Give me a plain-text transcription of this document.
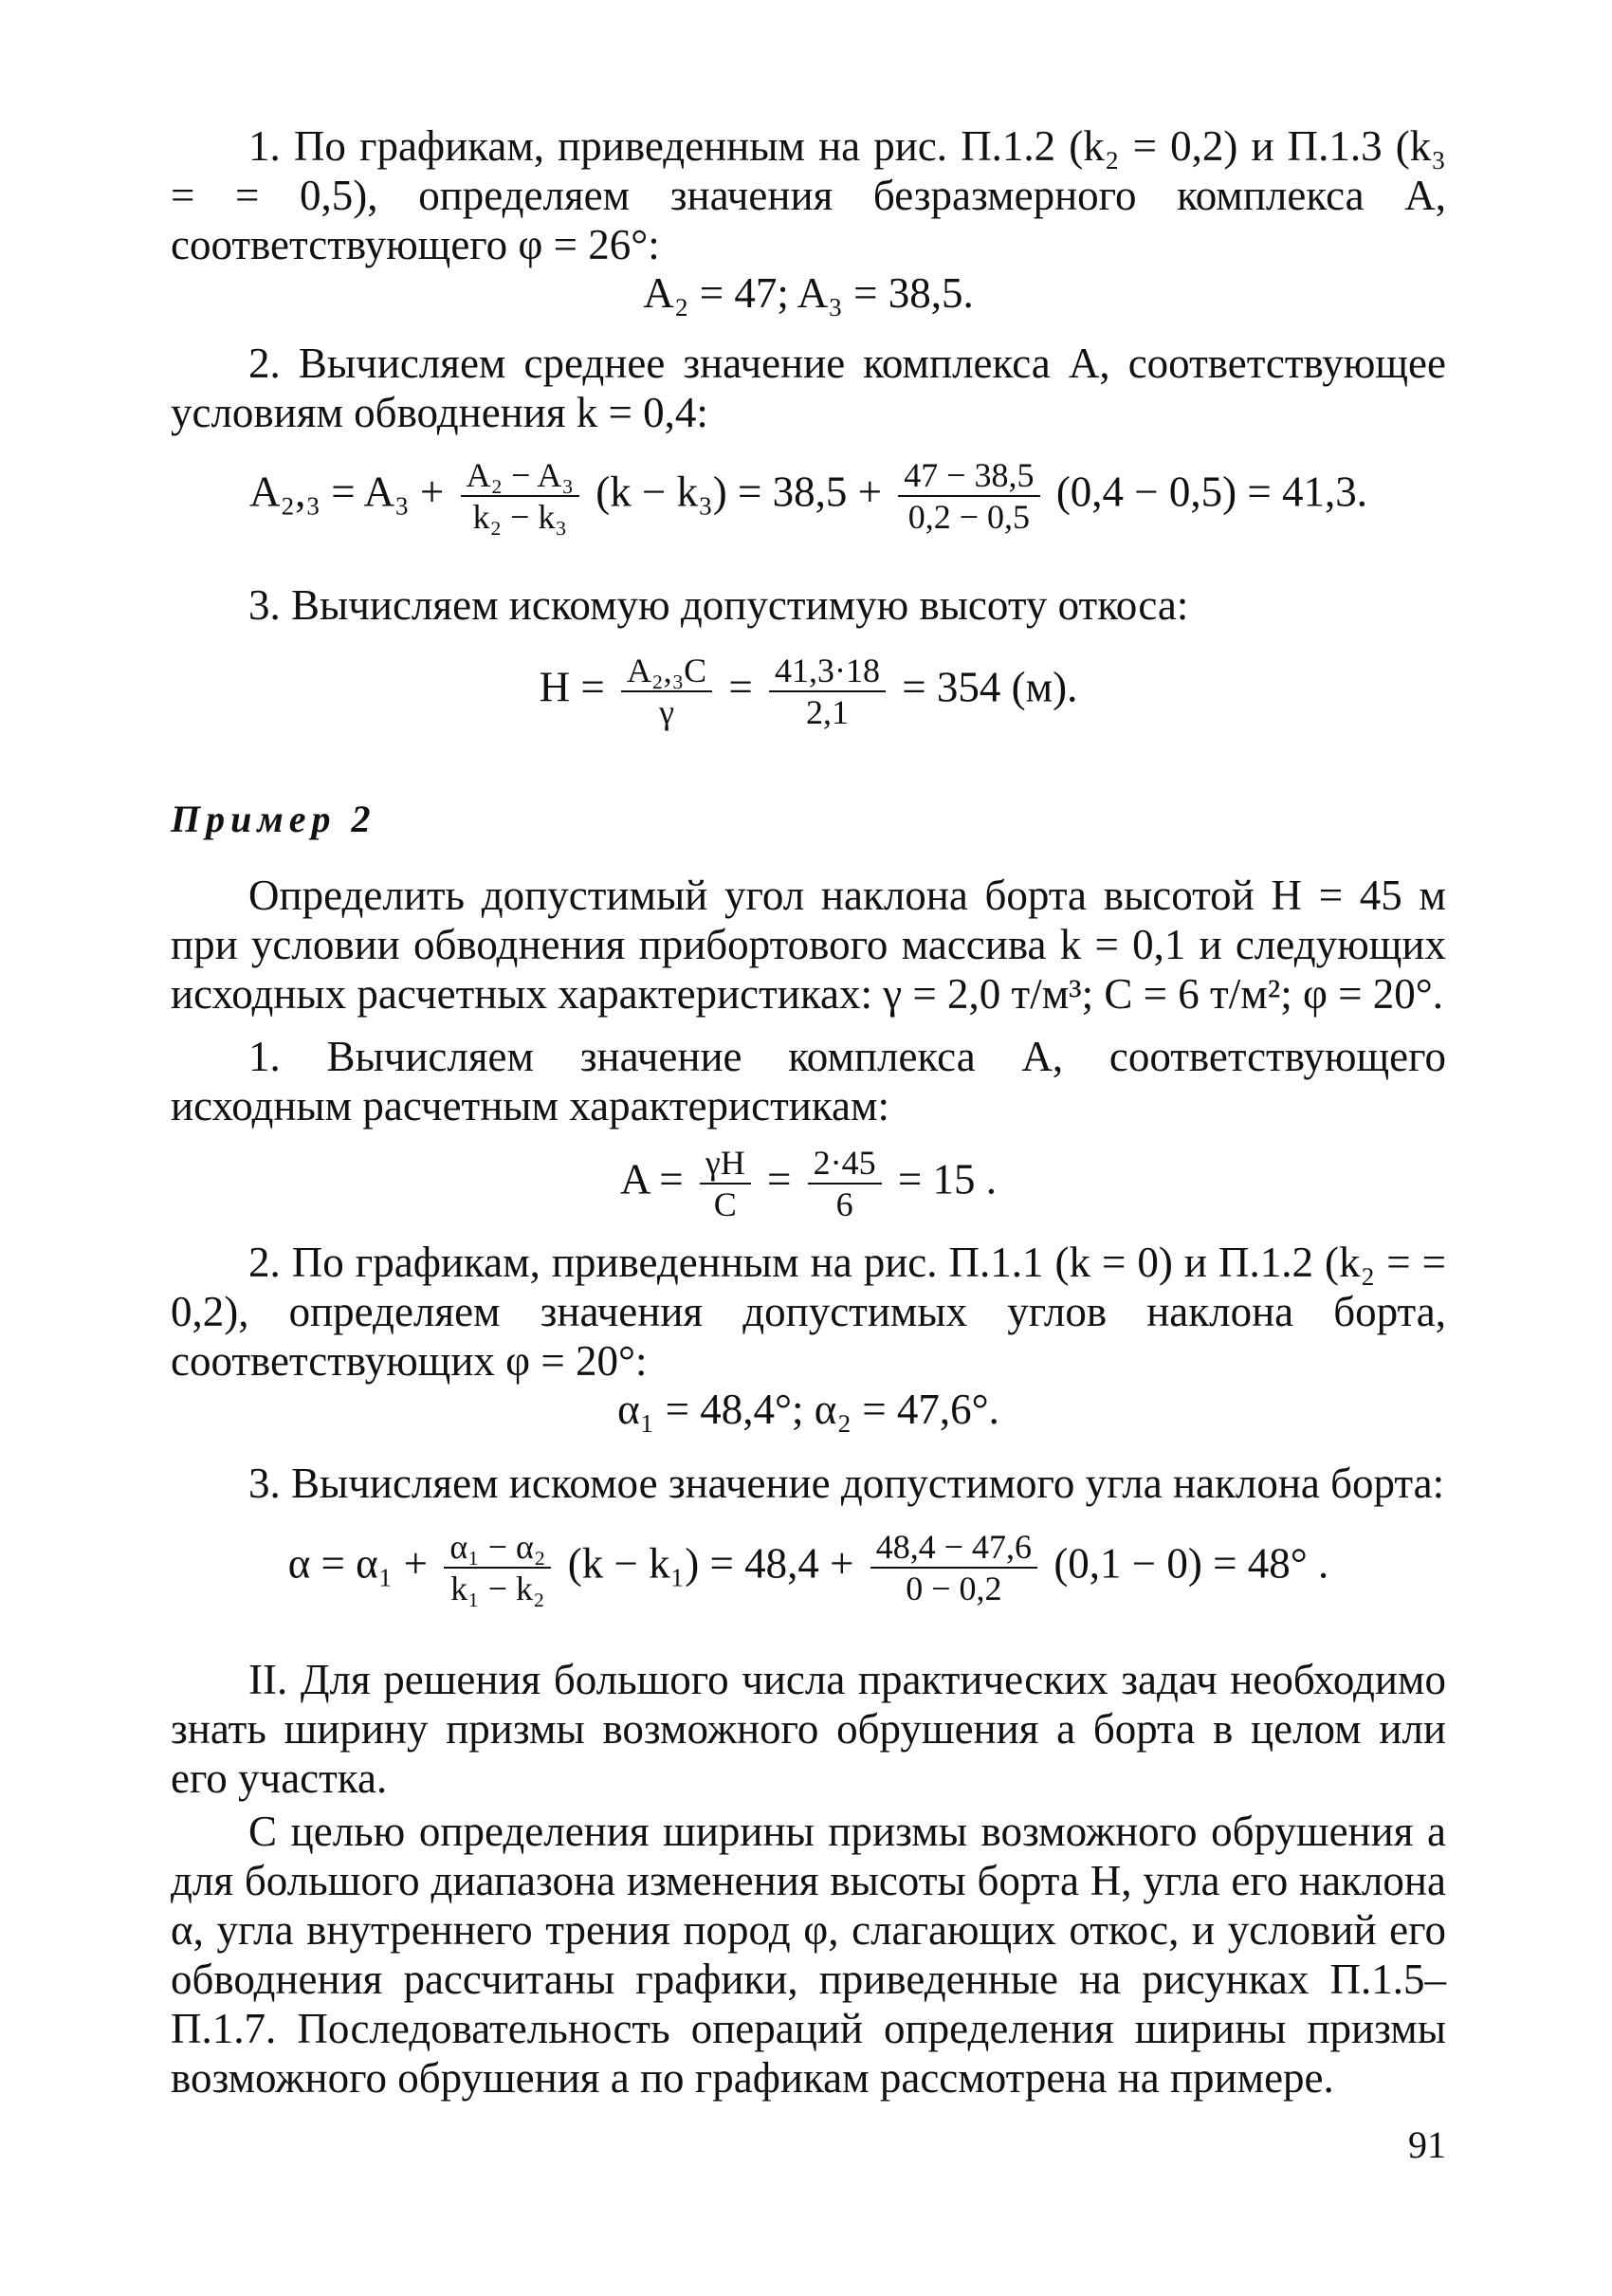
1. По графикам, приведенным на рис. П.1.2 (k₂ = 0,2) и П.1.3 (k₃ = = 0,5), определяем значения безразмерного комплекса A, соответствующего φ = 26°:

A₂ = 47; A₃ = 38,5.

2. Вычисляем среднее значение комплекса A, соответствующее условиям обводнения k = 0,4:

$A_2,_3 = A_3 + \frac{\text{A₂ − A₃}}{\text{k₂ − k₃}} (k - k_3) = 38,5 + \frac{47 - 38,5}{0,2 - 0,5} (0,4 - 0,5) = 41,3$.

3. Вычисляем искомую допустимую высоту откоса:

$H = \frac{\text{A₂,₃C}}{\gamma} = \frac{41,3\cdot 18}{2,1} = 354$ (м).
Пример 2

Определить допустимый угол наклона борта высотой H = 45 м при условии обводнения прибортового массива k = 0,1 и следующих исходных расчетных характеристиках: γ = 2,0 т/м³; C = 6 т/м²; φ = 20°.

1. Вычисляем значение комплекса A, соответствующего исходным расчетным характеристикам:

$A = \frac{\gamma H}{C} = \frac{2\cdot 45}{6} = 15$ .

2. По графикам, приведенным на рис. П.1.1 (k = 0) и П.1.2 (k₂ = = 0,2), определяем значения допустимых углов наклона борта, соответствующих φ = 20°:

α₁ = 48,4°; α₂ = 47,6°.

3. Вычисляем искомое значение допустимого угла наклона борта:

$\alpha = \alpha_1 + \frac{\text{α₁ − α₂}}{\text{k₁ − k₂}} (k - k_1) = 48,4 + \frac{48,4 - 47,6}{0 - 0,2} (0,1 - 0) = 48^\circ$ .

II. Для решения большого числа практических задач необходимо знать ширину призмы возможного обрушения a борта в целом или его участка.

С целью определения ширины призмы возможного обрушения a для большого диапазона изменения высоты борта H, угла его наклона α, угла внутреннего трения пород φ, слагающих откос, и условий его обводнения рассчитаны графики, приведенные на рисунках П.1.5–П.1.7. Последовательность операций определения ширины призмы возможного обрушения a по графикам рассмотрена на примере.

91
